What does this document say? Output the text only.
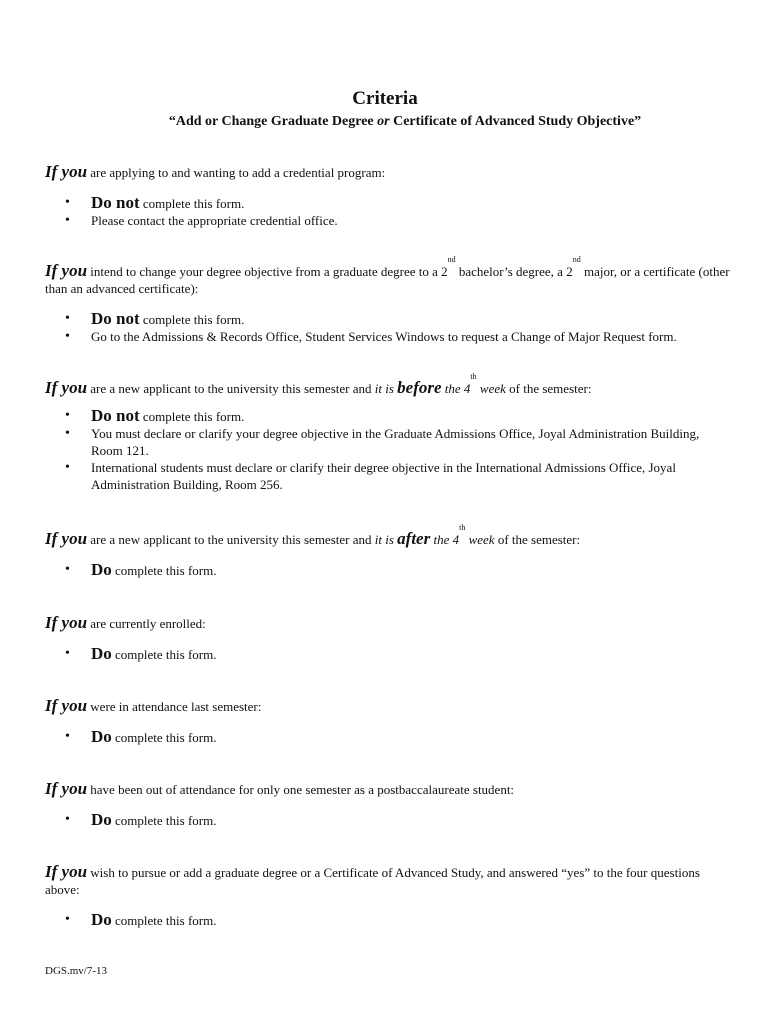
Criteria
“Add or Change Graduate Degree or Certificate of Advanced Study Objective”
If you are applying to and wanting to add a credential program:
• Do not complete this form.
• Please contact the appropriate credential office.
If you intend to change your degree objective from a graduate degree to a 2nd bachelor’s degree, a 2nd major, or a certificate (other than an advanced certificate):
• Do not complete this form.
• Go to the Admissions & Records Office, Student Services Windows to request a Change of Major Request form.
If you are a new applicant to the university this semester and it is before the 4th week of the semester:
• Do not complete this form.
• You must declare or clarify your degree objective in the Graduate Admissions Office, Joyal Administration Building, Room 121.
• International students must declare or clarify their degree objective in the International Admissions Office, Joyal Administration Building, Room 256.
If you are a new applicant to the university this semester and it is after the 4th week of the semester:
• Do complete this form.
If you are currently enrolled:
• Do complete this form.
If you were in attendance last semester:
• Do complete this form.
If you have been out of attendance for only one semester as a postbaccalaureate student:
• Do complete this form.
If you wish to pursue or add a graduate degree or a Certificate of Advanced Study, and answered “yes” to the four questions above:
• Do complete this form.
DGS.mv/7-13
